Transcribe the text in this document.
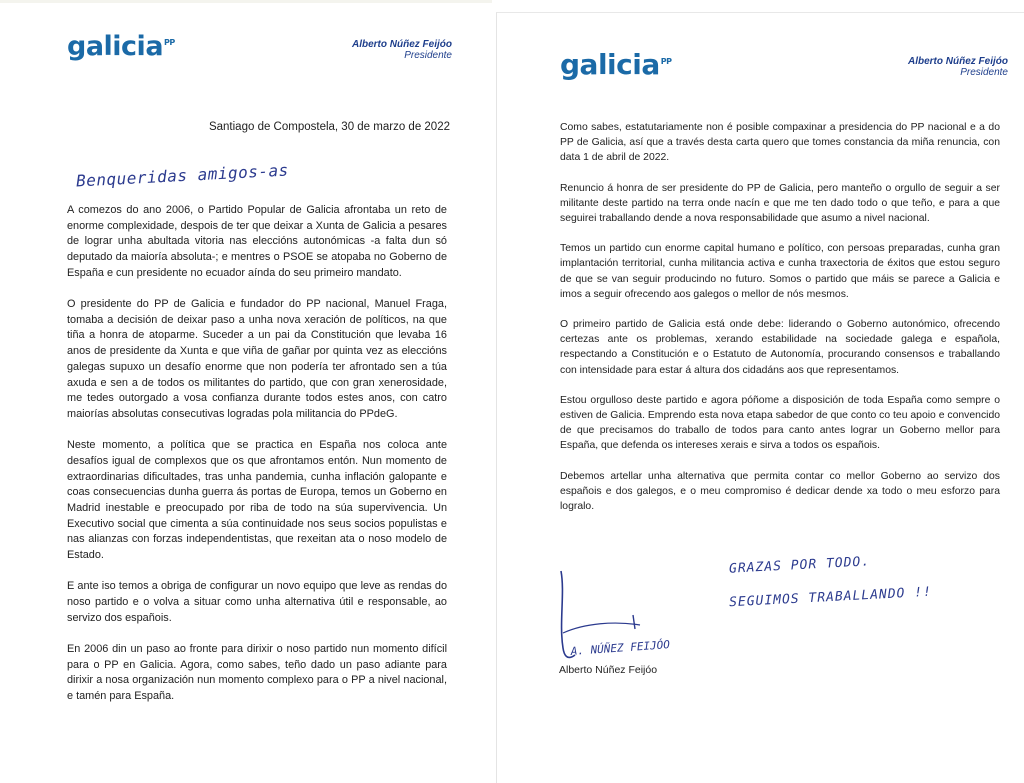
galicia$^{PP}$	Alberto Núñez Feijóo
Presidente
Santiago de Compostela, 30 de marzo de 2022
Benqueridas amigos-as

A comezos do ano 2006, o Partido Popular de Galicia afrontaba un reto de enorme complexidade, despois de ter que deixar a Xunta de Galicia a pesares de lograr unha abultada vitoria nas eleccións autonómicas -a falta dun só deputado da maioría absoluta-; e mentres o PSOE se atopaba no Goberno de España e cun presidente no ecuador aínda do seu primeiro mandato.

O presidente do PP de Galicia e fundador do PP nacional, Manuel Fraga, tomaba a decisión de deixar paso a unha nova xeración de políticos, na que tiña a honra de atoparme. Suceder a un pai da Constitución que levaba 16 anos de presidente da Xunta e que viña de gañar por quinta vez as eleccións galegas supuxo un desafío enorme que non podería ter afrontado sen a túa axuda e sen a de todos os militantes do partido, que con gran xenerosidade, me tedes outorgado a vosa confianza durante todos estes anos, con catro maiorías absolutas consecutivas logradas pola militancia do PPdeG.

Neste momento, a política que se practica en España nos coloca ante desafíos igual de complexos que os que afrontamos entón. Nun momento de extraordinarias dificultades, tras unha pandemia, cunha inflación galopante e coas consecuencias dunha guerra ás portas de Europa, temos un Goberno en Madrid inestable e preocupado por riba de todo na súa supervivencia. Un Executivo social que cimenta a súa continuidade nos seus socios populistas e nas alianzas con forzas independentistas, que rexeitan ata o noso modelo de Estado.

E ante iso temos a obriga de configurar un novo equipo que leve as rendas do noso partido e o volva a situar como unha alternativa útil e responsable, ao servizo dos españois.

En 2006 din un paso ao fronte para dirixir o noso partido nun momento difícil para o PP en Galicia. Agora, como sabes, teño dado un paso adiante para dirixir a nosa organización nun momento complexo para o PP a nivel nacional, e tamén para España.

galicia$^{PP}$	Alberto Núñez Feijóo
Presidente

Como sabes, estatutariamente non é posible compaxinar a presidencia do PP nacional e a do PP de Galicia, así que a través desta carta quero que tomes constancia da miña renuncia, con data 1 de abril de 2022.

Renuncio á honra de ser presidente do PP de Galicia, pero manteño o orgullo de seguir a ser militante deste partido na terra onde nacín e que me ten dado todo o que teño, e para a que seguirei traballando dende a nova responsabilidade que asumo a nivel nacional.

Temos un partido cun enorme capital humano e político, con persoas preparadas, cunha gran implantación territorial, cunha militancia activa e cunha traxectoria de éxitos que estou seguro de que se van seguir producindo no futuro. Somos o partido que máis se parece a Galicia e imos a seguir ofrecendo aos galegos o mellor de nós mesmos.

O primeiro partido de Galicia está onde debe: liderando o Goberno autonómico, ofrecendo certezas ante os problemas, xerando estabilidade na sociedade galega e española, respectando a Constitución e o Estatuto de Autonomía, procurando consensos e traballando con intensidade para estar á altura dos cidadáns aos que representamos.

Estou orgulloso deste partido e agora póñome a disposición de toda España como sempre o estiven de Galicia. Emprendo esta nova etapa sabedor de que conto co teu apoio e convencido de que precisamos do traballo de todos para canto antes lograr un Goberno mellor para España, que defenda os intereses xerais e sirva a todos os españois.

Debemos artellar unha alternativa que permita contar co mellor Goberno ao servizo dos españois e dos galegos, e o meu compromiso é dedicar dende xa todo o meu esforzo para logralo.

GRAZAS POR TODO.
SEGUIMOS TRABALLANDO !!
A. NÚÑEZ FEIJÓO
Alberto Núñez Feijóo
